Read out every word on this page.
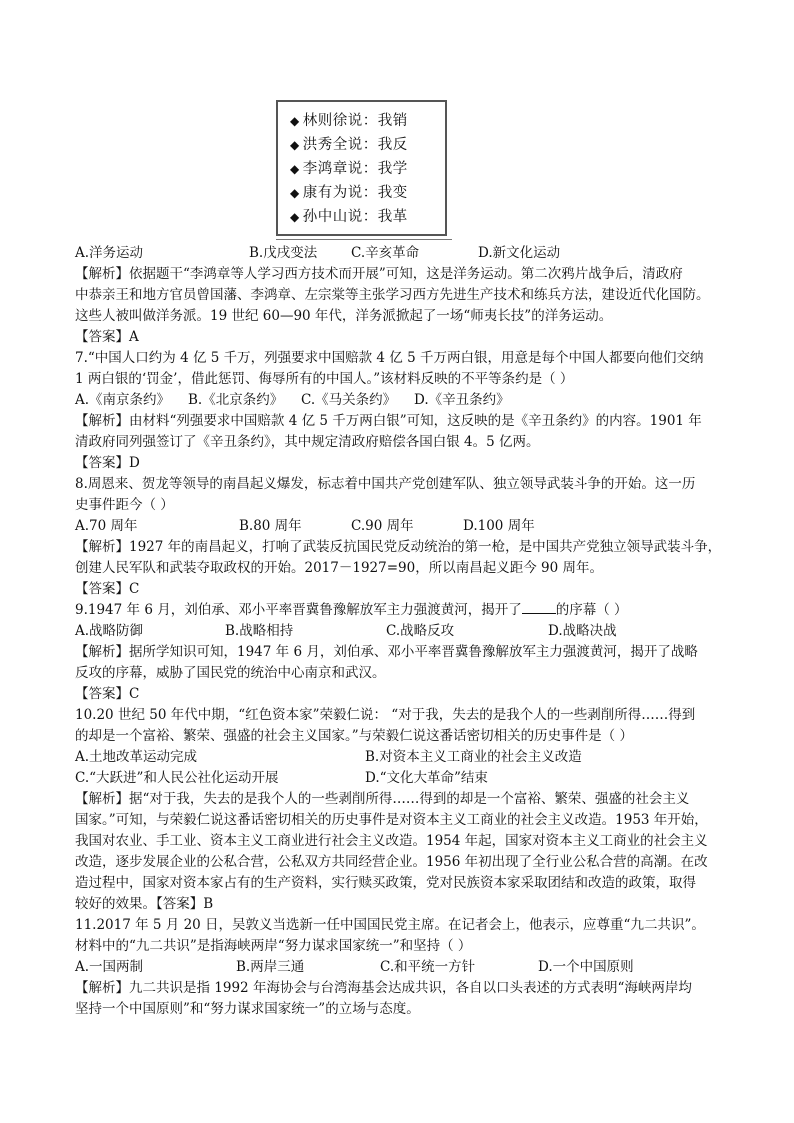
◆ 林则徐说：我销
◆ 洪秀全说：我反
◆ 李鸿章说：我学
◆ 康有为说：我变
◆ 孙中山说：我革
A.洋务运动	B.戊戌变法	C.辛亥革命	D.新文化运动
【解析】依据题干“李鸿章等人学习西方技术而开展”可知，这是洋务运动。第二次鸦片战争后，清政府
中恭亲王和地方官员曾国藩、李鸿章、左宗棠等主张学习西方先进生产技术和练兵方法，建设近代化国防。
这些人被叫做洋务派。19 世纪 60—90 年代，洋务派掀起了一场“师夷长技”的洋务运动。
【答案】A
7.“中国人口约为 4 亿 5 千万，列强要求中国赔款 4 亿 5 千万两白银，用意是每个中国人都要向他们交纳
1 两白银的‘罚金’，借此惩罚、侮辱所有的中国人。”该材料反映的不平等条约是（ ）
A.《南京条约》 B.《北京条约》 C.《马关条约》 D.《辛丑条约》
【解析】由材料“列强要求中国赔款 4 亿 5 千万两白银”可知，这反映的是《辛丑条约》的内容。1901 年
清政府同列强签订了《辛丑条约》，其中规定清政府赔偿各国白银 4。5 亿两。
【答案】D
8.周恩来、贺龙等领导的南昌起义爆发，标志着中国共产党创建军队、独立领导武装斗争的开始。这一历
史事件距今（ ）
A.70 周年	B.80 周年	C.90 周年	D.100 周年
【解析】1927 年的南昌起义，打响了武装反抗国民党反动统治的第一枪，是中国共产党独立领导武装斗争，
创建人民军队和武装夺取政权的开始。2017－1927=90，所以南昌起义距今 90 周年。
【答案】C
9.1947 年 6 月，刘伯承、邓小平率晋冀鲁豫解放军主力强渡黄河，揭开了	的序幕（ ）
A.战略防御	B.战略相持	C.战略反攻	D.战略决战
【解析】据所学知识可知，1947 年 6 月，刘伯承、邓小平率晋冀鲁豫解放军主力强渡黄河，揭开了战略
反攻的序幕，威胁了国民党的统治中心南京和武汉。
【答案】C
10.20 世纪 50 年代中期，“红色资本家”荣毅仁说： “对于我，失去的是我个人的一些剥削所得……得到
的却是一个富裕、繁荣、强盛的社会主义国家。”与荣毅仁说这番话密切相关的历史事件是（ ）
A.土地改革运动完成	B.对资本主义工商业的社会主义改造
C.“大跃进”和人民公社化运动开展	D.“文化大革命”结束
【解析】据“对于我，失去的是我个人的一些剥削所得……得到的却是一个富裕、繁荣、强盛的社会主义
国家。”可知，与荣毅仁说这番话密切相关的历史事件是对资本主义工商业的社会主义改造。1953 年开始，
我国对农业、手工业、资本主义工商业进行社会主义改造。1954 年起，国家对资本主义工商业的社会主义
改造，逐步发展企业的公私合营，公私双方共同经营企业。1956 年初出现了全行业公私合营的高潮。在改
造过程中，国家对资本家占有的生产资料，实行赎买政策，党对民族资本家采取团结和改造的政策，取得
较好的效果。【答案】B
11.2017 年 5 月 20 日，吴敦义当选新一任中国国民党主席。在记者会上，他表示，应尊重“九二共识”。
材料中的“九二共识”是指海峡两岸“努力谋求国家统一”和坚持（ ）
A.一国两制	B.两岸三通	C.和平统一方针	D.一个中国原则
【解析】九二共识是指 1992 年海协会与台湾海基会达成共识，各自以口头表述的方式表明“海峡两岸均
坚持一个中国原则”和“努力谋求国家统一”的立场与态度。
